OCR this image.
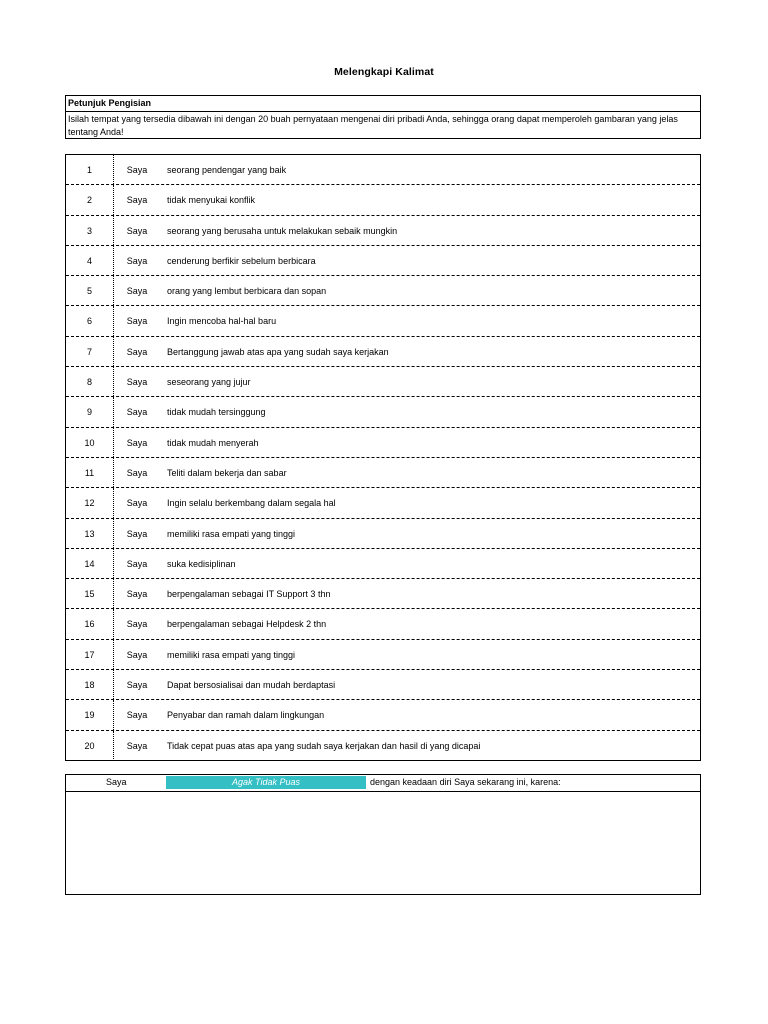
Melengkapi Kalimat
Petunjuk Pengisian
Isilah tempat yang tersedia dibawah ini dengan 20 buah pernyataan mengenai diri pribadi Anda, sehingga orang dapat memperoleh gambaran yang jelas tentang Anda!
1	Saya	seorang pendengar yang baik
2	Saya	tidak menyukai konflik
3	Saya	seorang yang berusaha untuk melakukan sebaik mungkin
4	Saya	cenderung berfikir sebelum berbicara
5	Saya	orang yang lembut berbicara dan sopan
6	Saya	Ingin mencoba hal-hal baru
7	Saya	Bertanggung jawab atas apa yang sudah saya kerjakan
8	Saya	seseorang yang jujur
9	Saya	tidak mudah tersinggung
10	Saya	tidak mudah menyerah
11	Saya	Teliti dalam bekerja dan sabar
12	Saya	Ingin selalu berkembang dalam segala hal
13	Saya	memiliki rasa empati yang tinggi
14	Saya	suka kedisiplinan
15	Saya	berpengalaman sebagai IT Support 3 thn
16	Saya	berpengalaman sebagai Helpdesk 2 thn
17	Saya	memiliki rasa empati yang tinggi
18	Saya	Dapat bersosialisai dan mudah berdaptasi
19	Saya	Penyabar dan ramah dalam lingkungan
20	Saya	Tidak cepat puas atas apa yang sudah saya kerjakan dan hasil di yang dicapai
Saya	Agak Tidak Puas	dengan keadaan diri Saya sekarang ini, karena:
